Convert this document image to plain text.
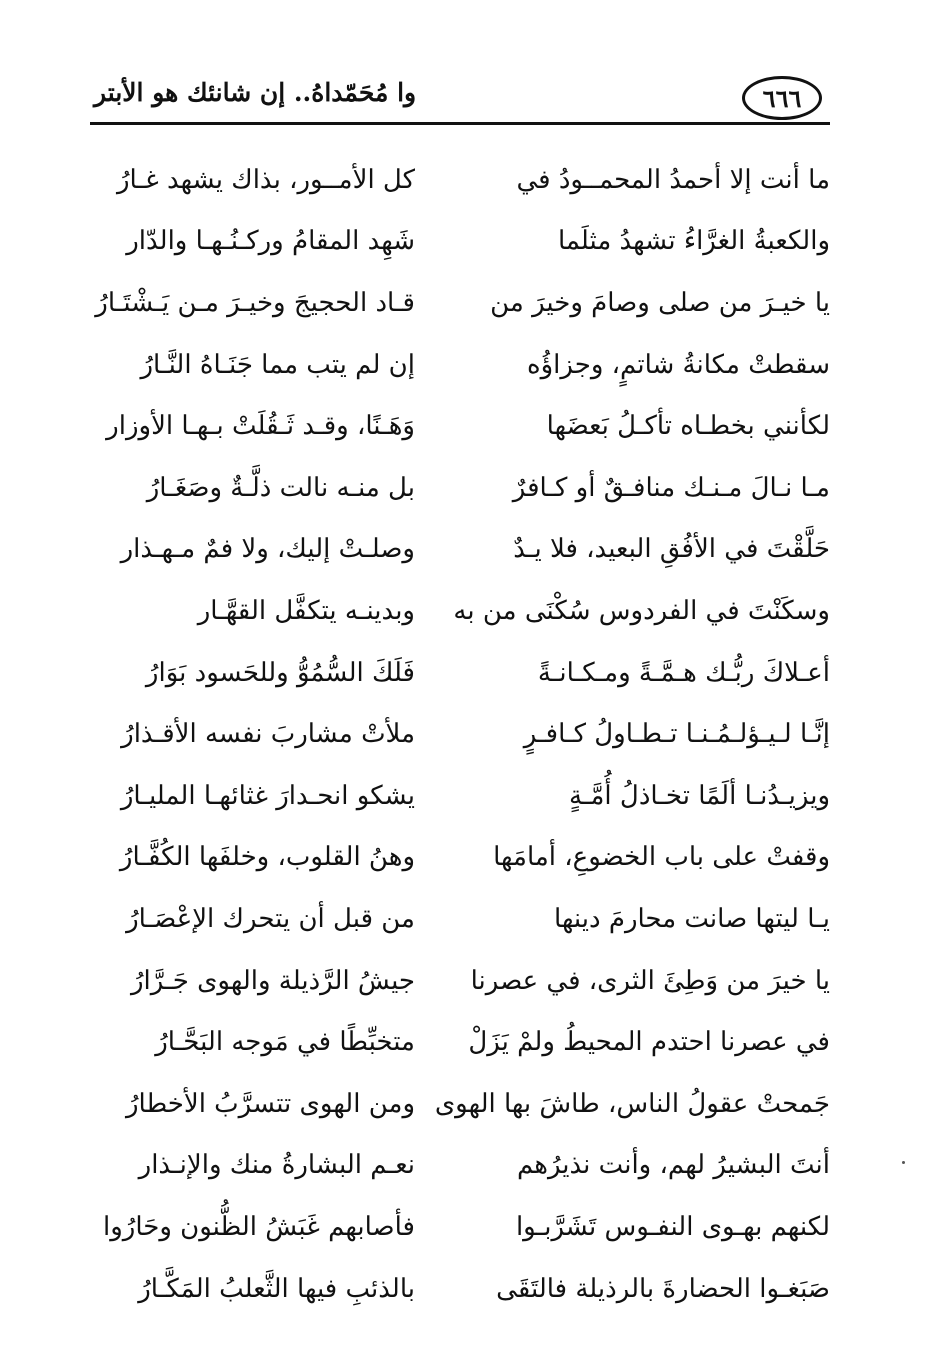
٦٦٦
وا مُحَمّداهُ.. إن شانئك هو الأبتر
ما أنت إلا أحمدُ المحمــودُ في
كل الأمــور، بذاك يشهد غـارُ
والكعبةُ الغرَّاءُ تشهدُ مثلَما
شَهِد المقامُ وركـنُـهـا والدّار
يا خيـرَ من صلى وصامَ وخيرَ من
قـاد الحجيجَ وخيـرَ مـن يَـشْتَـارُ
سقطتْ مكانةُ شاتمٍ، وجزاؤُه
إن لم يتب مما جَنَـاهُ النَّـارُ
لكأنني بخطـاه تأكـلُ بَعضَها
وَهَـنًا، وقـد ثَـقُلَتْ بـهـا الأوزار
مـا نـالَ مـنـك منافـقٌ أو كـافرٌ
بل منـه نالت ذلَّـةٌ وصَغَـارُ
حَلَّقْتَ في الأفُقِ البعيد، فلا يـدٌ
وصلـتْ إليك، ولا فمٌ مـهـذار
وسكَنْتَ في الفردوس سُكْنَى من به
وبدينـه يتكفَّل القهَّـار
أعـلاكَ ربُّـك هـمَّـةً ومـكـانـةً
فَلَكَ السُّمُوُّ وللحَسود بَوَارُ
إنَّـا لـيـؤلـمُـنـا تـطـاولُ كـافـرٍ
ملأتْ مشاربَ نفسه الأقـذارُ
ويزيـدُنـا ألَمًا تخـاذلُ أُمَّـةٍ
يشكو انحـدارَ غثائهـا المليـارُ
وقفتْ على باب الخضوعِ، أمامَها
وهنُ القلوب، وخلفَها الكُفَّـارُ
يـا ليتها صانت محارمَ دينها
من قبل أن يتحرك الإعْصَـارُ
يا خيرَ من وَطِئَ الثرى، في عصرنا
جيشُ الرَّذيلة والهوى جَـرَّارُ
في عصرنا احتدم المحيطُ ولمْ يَزَلْ
متخبِّطًا في مَوجه البَحَّـارُ
جَمحتْ عقولُ الناس، طاشَ بها الهوى
ومن الهوى تتسرَّبُ الأخطارُ
أنتَ البشيرُ لهم، وأنت نذيرُهم
نعـم البشارةُ منك والإنـذار
لكنهم بهـوى النفـوس تَشَرَّبـوا
فأصابهم غَبَشُ الظُّنون وحَارُوا
صَبَغـوا الحضارةَ بالرذيلة فالتَقَى
بالذئبِ فيها الثَّعلبُ المَكَّـارُ
